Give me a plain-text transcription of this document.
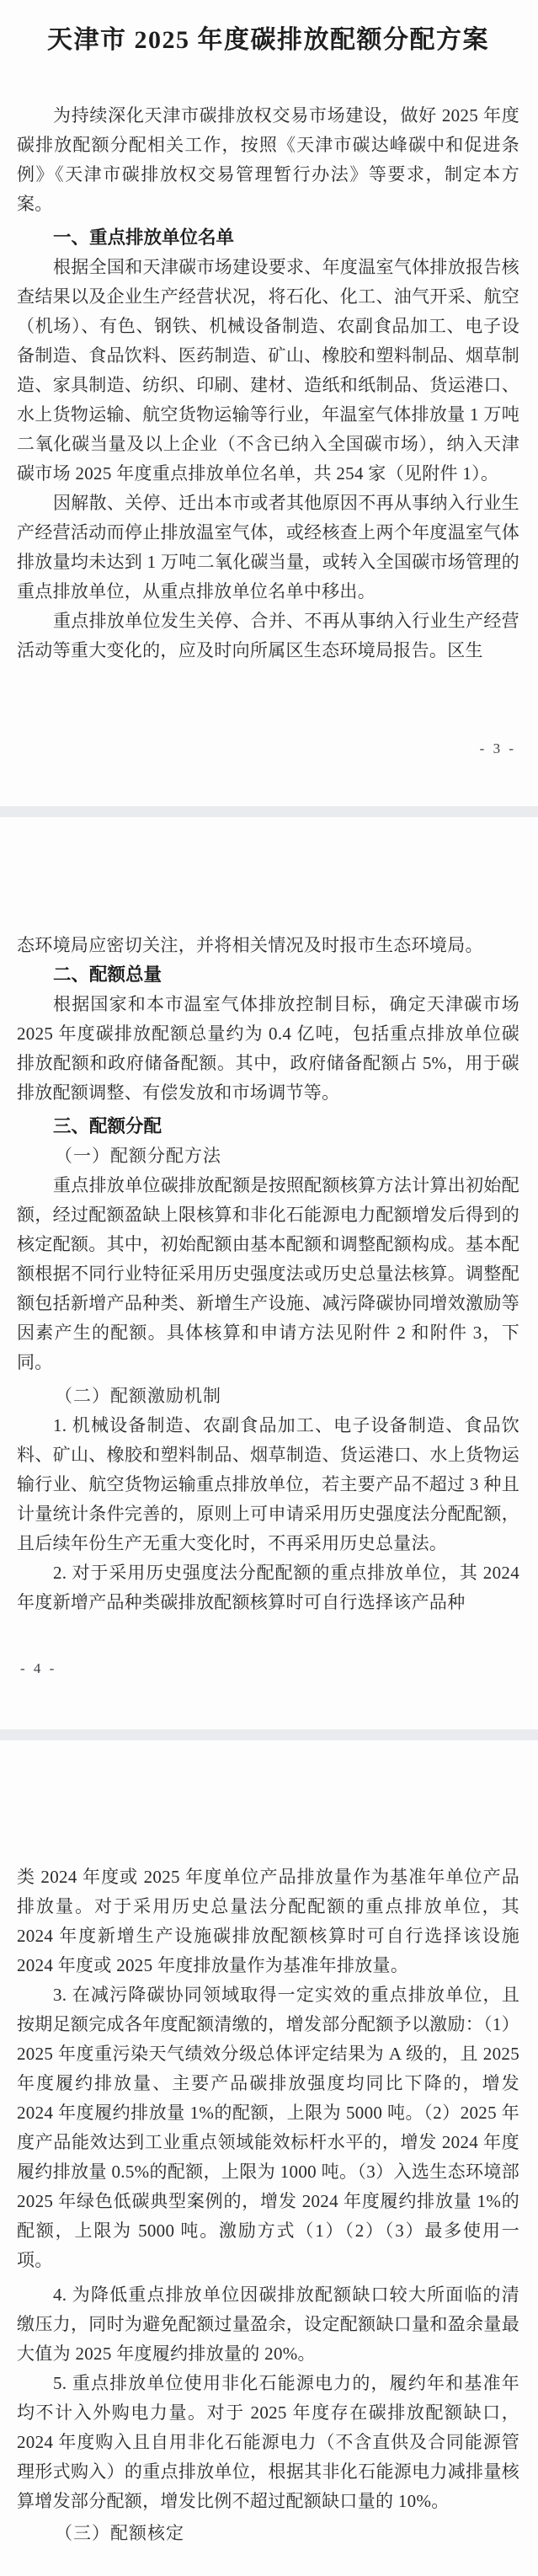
天津市 2025 年度碳排放配额分配方案

为持续深化天津市碳排放权交易市场建设，做好 2025 年度碳排放配额分配相关工作，按照《天津市碳达峰碳中和促进条例》《天津市碳排放权交易管理暂行办法》等要求，制定本方案。

一、重点排放单位名单

根据全国和天津碳市场建设要求、年度温室气体排放报告核查结果以及企业生产经营状况，将石化、化工、油气开采、航空（机场）、有色、钢铁、机械设备制造、农副食品加工、电子设备制造、食品饮料、医药制造、矿山、橡胶和塑料制品、烟草制造、家具制造、纺织、印刷、建材、造纸和纸制品、货运港口、水上货物运输、航空货物运输等行业，年温室气体排放量 1 万吨二氧化碳当量及以上企业（不含已纳入全国碳市场），纳入天津碳市场 2025 年度重点排放单位名单，共 254 家（见附件 1）。

因解散、关停、迁出本市或者其他原因不再从事纳入行业生产经营活动而停止排放温室气体，或经核查上两个年度温室气体排放量均未达到 1 万吨二氧化碳当量，或转入全国碳市场管理的重点排放单位，从重点排放单位名单中移出。

重点排放单位发生关停、合并、不再从事纳入行业生产经营活动等重大变化的，应及时向所属区生态环境局报告。区生

- 3 -

态环境局应密切关注，并将相关情况及时报市生态环境局。

二、配额总量

根据国家和本市温室气体排放控制目标，确定天津碳市场 2025 年度碳排放配额总量约为 0.4 亿吨，包括重点排放单位碳排放配额和政府储备配额。其中，政府储备配额占 5%，用于碳排放配额调整、有偿发放和市场调节等。

三、配额分配

（一）配额分配方法

重点排放单位碳排放配额是按照配额核算方法计算出初始配额，经过配额盈缺上限核算和非化石能源电力配额增发后得到的核定配额。其中，初始配额由基本配额和调整配额构成。基本配额根据不同行业特征采用历史强度法或历史总量法核算。调整配额包括新增产品种类、新增生产设施、减污降碳协同增效激励等因素产生的配额。具体核算和申请方法见附件 2 和附件 3，下同。

（二）配额激励机制

1. 机械设备制造、农副食品加工、电子设备制造、食品饮料、矿山、橡胶和塑料制品、烟草制造、货运港口、水上货物运输行业、航空货物运输重点排放单位，若主要产品不超过 3 种且计量统计条件完善的，原则上可申请采用历史强度法分配配额，且后续年份生产无重大变化时，不再采用历史总量法。

2. 对于采用历史强度法分配配额的重点排放单位，其 2024 年度新增产品种类碳排放配额核算时可自行选择该产品种

- 4 -

类 2024 年度或 2025 年度单位产品排放量作为基准年单位产品排放量。对于采用历史总量法分配配额的重点排放单位，其 2024 年度新增生产设施碳排放配额核算时可自行选择该设施 2024 年度或 2025 年度排放量作为基准年排放量。

3. 在减污降碳协同领域取得一定实效的重点排放单位，且按期足额完成各年度配额清缴的，增发部分配额予以激励：（1）2025 年度重污染天气绩效分级总体评定结果为 A 级的，且 2025 年度履约排放量、主要产品碳排放强度均同比下降的，增发 2024 年度履约排放量 1%的配额，上限为 5000 吨。（2）2025 年度产品能效达到工业重点领域能效标杆水平的，增发 2024 年度履约排放量 0.5%的配额，上限为 1000 吨。（3）入选生态环境部 2025 年绿色低碳典型案例的，增发 2024 年度履约排放量 1%的配额，上限为 5000 吨。激励方式（1）（2）（3）最多使用一项。

4. 为降低重点排放单位因碳排放配额缺口较大所面临的清缴压力，同时为避免配额过量盈余，设定配额缺口量和盈余量最大值为 2025 年度履约排放量的 20%。

5. 重点排放单位使用非化石能源电力的，履约年和基准年均不计入外购电力量。对于 2025 年度存在碳排放配额缺口，2024 年度购入且自用非化石能源电力（不含直供及合同能源管理形式购入）的重点排放单位，根据其非化石能源电力减排量核算增发部分配额，增发比例不超过配额缺口量的 10%。

（三）配额核定
